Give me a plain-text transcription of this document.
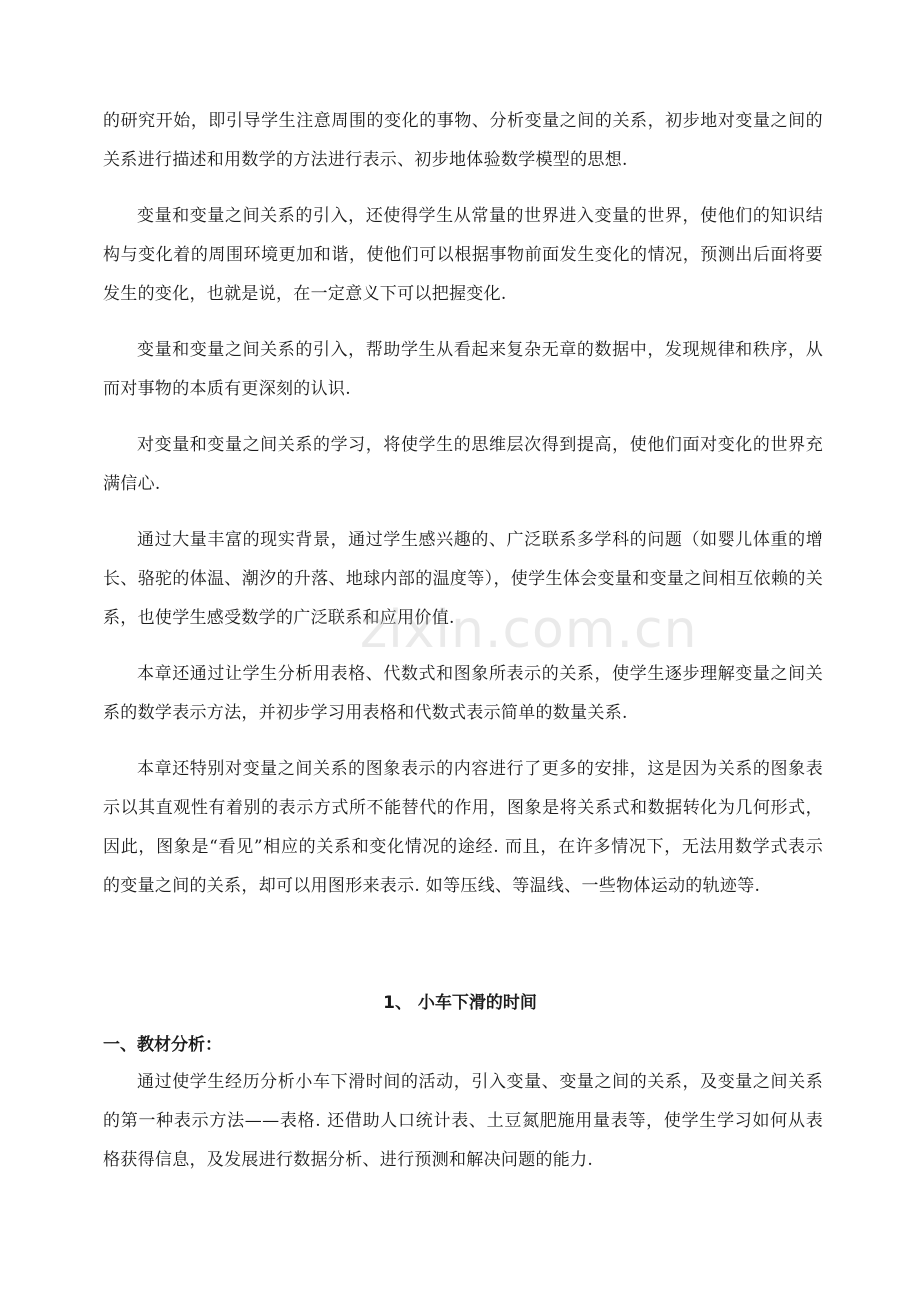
的研究开始，即引导学生注意周围的变化的事物、分析变量之间的关系，初步地对变量之间的关系进行描述和用数学的方法进行表示、初步地体验数学模型的思想.

变量和变量之间关系的引入，还使得学生从常量的世界进入变量的世界，使他们的知识结构与变化着的周围环境更加和谐，使他们可以根据事物前面发生变化的情况，预测出后面将要发生的变化，也就是说，在一定意义下可以把握变化.

变量和变量之间关系的引入，帮助学生从看起来复杂无章的数据中，发现规律和秩序，从而对事物的本质有更深刻的认识.

对变量和变量之间关系的学习，将使学生的思维层次得到提高，使他们面对变化的世界充满信心.

通过大量丰富的现实背景，通过学生感兴趣的、广泛联系多学科的问题（如婴儿体重的增长、骆驼的体温、潮汐的升落、地球内部的温度等），使学生体会变量和变量之间相互依赖的关系，也使学生感受数学的广泛联系和应用价值.

本章还通过让学生分析用表格、代数式和图象所表示的关系，使学生逐步理解变量之间关系的数学表示方法，并初步学习用表格和代数式表示简单的数量关系.

本章还特别对变量之间关系的图象表示的内容进行了更多的安排，这是因为关系的图象表示以其直观性有着别的表示方式所不能替代的作用，图象是将关系式和数据转化为几何形式，因此，图象是“看见”相应的关系和变化情况的途经. 而且，在许多情况下，无法用数学式表示的变量之间的关系，却可以用图形来表示. 如等压线、等温线、一些物体运动的轨迹等.

1、 小车下滑的时间

一、教材分析：

通过使学生经历分析小车下滑时间的活动，引入变量、变量之间的关系，及变量之间关系的第一种表示方法——表格. 还借助人口统计表、土豆氮肥施用量表等，使学生学习如何从表格获得信息，及发展进行数据分析、进行预测和解决问题的能力.

zixin.com.cn
